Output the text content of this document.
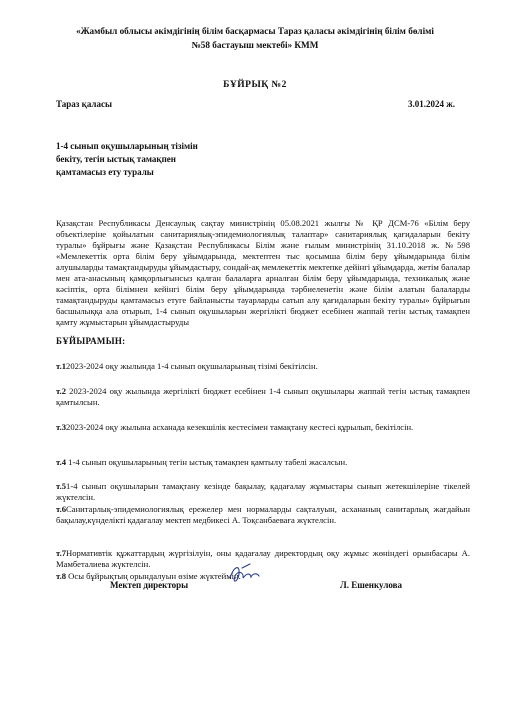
«Жамбыл облысы әкімдігінің білім басқармасы Тараз қаласы әкімдігінің білім бөлімі
№58 бастауыш мектебі» КММ
БҰЙРЫҚ №2
Тараз қаласы	3.01.2024 ж.
1-4 сынып оқушыларының тізімін бекіту, тегін ыстық тамақпен қамтамасыз ету туралы
Қазақстан Республикасы Денсаулық сақтау министрінің 05.08.2021 жылғы № ҚР ДСМ-76 «Білім беру объектілеріне қойылатын санитариялық-эпидемиологиялық талаптар» санитариялық қағидаларын бекіту туралы» бұйрығы және Қазақстан Республикасы Білім және ғылым министрінің 31.10.2018 ж. №598 «Мемлекеттік орта білім беру ұйымдарында, мектептен тыс қосымша білім беру ұйымдарында білім алушыларды тамақтандыруды ұйымдастыру, сондай-ақ мемлекеттік мектепке дейінгі ұйымдарда, жетім балалар мен ата-анасының қамқорлығынсыз қалған балаларға арналған білім беру ұйымдарында, техникалық және кәсіптік, орта білімнен кейінгі білім беру ұйымдарында тәрбиеленетін және білім алатын балаларды тамақтандыруды қамтамасыз етуге байланысты тауарларды сатып алу қағидаларын бекіту туралы» бұйрығын басшылыққа ала отырып, 1-4 сынып оқушыларын жергілікті бюджет есебінен жаппай тегін ыстық тамақпен қамту жұмыстарын ұйымдастыруды
БҰЙЫРАМЫН:
т.12023-2024 оқу жылында 1-4 сынып оқушыларының тізімі бекітілсін.
т.2 2023-2024 оқу жылында жергілікті бюджет есебінен 1-4 сынып оқушылары жаппай тегін ыстық тамақпен қамтылсын.
т.32023-2024 оқу жылына асханада кезекшілік кестесімен тамақтану кестесі құрылып, бекітілсін.
т.4 1-4 сынып оқушыларының тегін ыстық тамақпен қамтылу табелі жасалсын.
т.51-4 сынып оқушыларын тамақтану кезінде бақылау, қадағалау жұмыстары сынып жетекшілеріне тікелей жүктелсін.
т.6Санитарлық-эпидемиологиялық ережелер мен нормаларды сақталуын, асхананың санитарлық жағдайын бақылау,күнделікті қадағалау мектеп медбикесі А. Тоқсанбаеваға жүктелсін.
т.7Нормативтік құжаттардың жүргізілуін, оны қадағалау директордың оқу жұмыс жөніндегі орынбасары А. Мамбеталиева жүктелсін.
т.8 Осы бұйрықтың орындалуын өзіме жүктеймін.
Мектеп директоры	Л. Ешенкулова
